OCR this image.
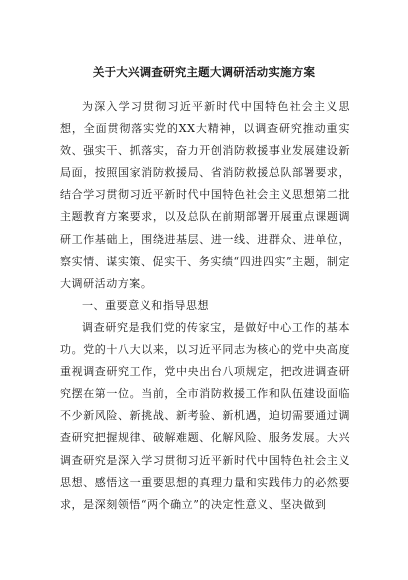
关于大兴调查研究主题大调研活动实施方案

为深入学习贯彻习近平新时代中国特色社会主义思想，全面贯彻落实党的XX大精神，以调查研究推动重实效、强实干、抓落实，奋力开创消防救援事业发展建设新局面，按照国家消防救援局、省消防救援总队部署要求，结合学习贯彻习近平新时代中国特色社会主义思想第二批主题教育方案要求，以及总队在前期部署开展重点课题调研工作基础上，围绕进基层、进一线、进群众、进单位，察实情、谋实策、促实干、务实绩“四进四实”主题，制定大调研活动方案。

一、重要意义和指导思想

调查研究是我们党的传家宝，是做好中心工作的基本功。党的十八大以来，以习近平同志为核心的党中央高度重视调查研究工作，党中央出台八项规定，把改进调查研究摆在第一位。当前，全市消防救援工作和队伍建设面临不少新风险、新挑战、新考验、新机遇，迫切需要通过调查研究把握规律、破解难题、化解风险、服务发展。大兴调查研究是深入学习贯彻习近平新时代中国特色社会主义思想、感悟这一重要思想的真理力量和实践伟力的必然要求，是深刻领悟“两个确立”的决定性意义、坚决做到
